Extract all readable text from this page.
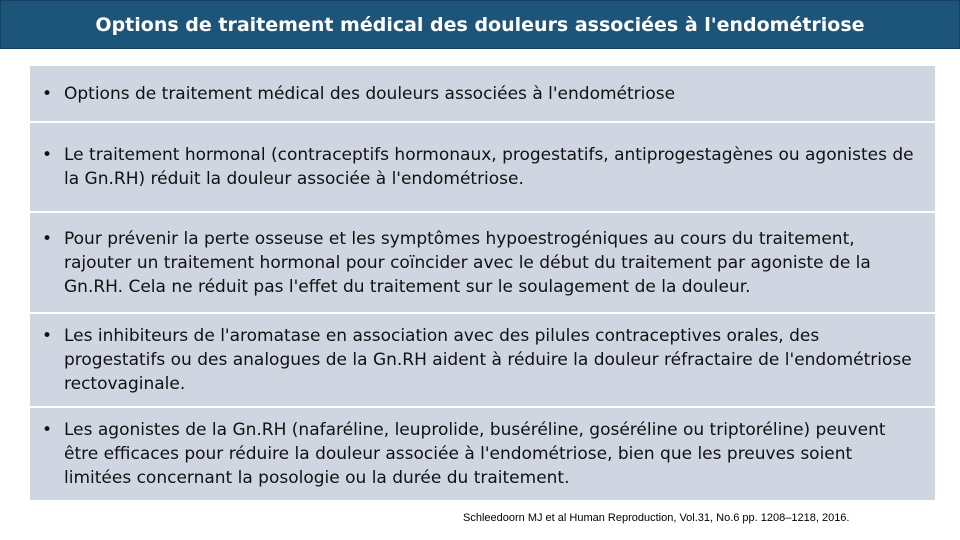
Options de traitement médical des douleurs associées à l'endométriose
• Options de traitement médical des douleurs associées à l'endométriose
• Le traitement hormonal (contraceptifs hormonaux, progestatifs, antiprogestagènes ou agonistes de la Gn.RH) réduit la douleur associée à l'endométriose.
• Pour prévenir la perte osseuse et les symptômes hypoestrogéniques au cours du traitement, rajouter un traitement hormonal pour coïncider avec le début du traitement par agoniste de la Gn.RH. Cela ne réduit pas l'effet du traitement sur le soulagement de la douleur.
• Les inhibiteurs de l'aromatase en association avec des pilules contraceptives orales, des progestatifs ou des analogues de la Gn.RH aident à réduire la douleur réfractaire de l'endométriose rectovaginale.
• Les agonistes de la Gn.RH (nafaréline, leuprolide, buséréline, goséréline ou triptoréline) peuvent être efficaces pour réduire la douleur associée à l'endométriose, bien que les preuves soient limitées concernant la posologie ou la durée du traitement.
Schleedoorn MJ et al Human Reproduction, Vol.31, No.6 pp. 1208–1218, 2016.
